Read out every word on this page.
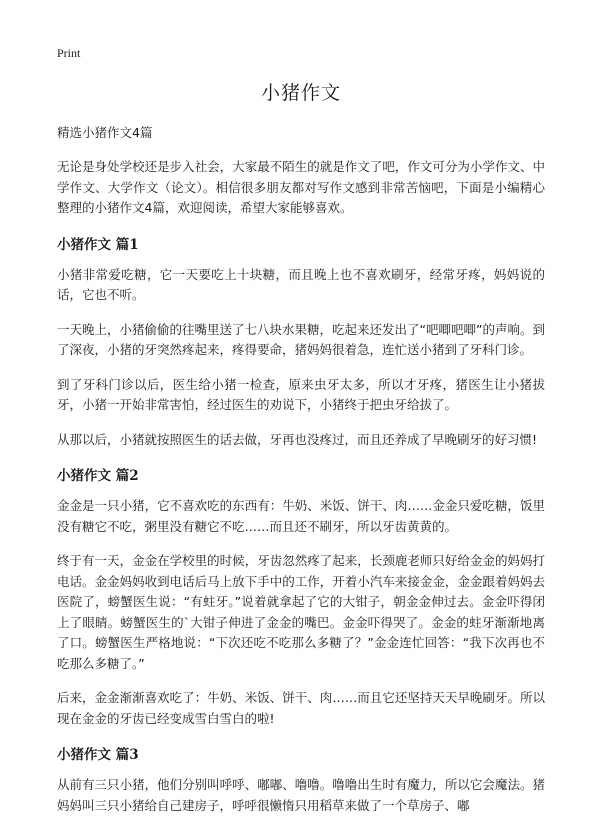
Print
小猪作文
精选小猪作文4篇

无论是身处学校还是步入社会，大家最不陌生的就是作文了吧，作文可分为小学作文、中学作文、大学作文（论文）。相信很多朋友都对写作文感到非常苦恼吧，下面是小编精心整理的小猪作文4篇，欢迎阅读，希望大家能够喜欢。

小猪作文 篇1

小猪非常爱吃糖，它一天要吃上十块糖，而且晚上也不喜欢刷牙，经常牙疼，妈妈说的话，它也不听。

一天晚上，小猪偷偷的往嘴里送了七八块水果糖，吃起来还发出了“吧唧吧唧”的声响。到了深夜，小猪的牙突然疼起来，疼得要命，猪妈妈很着急，连忙送小猪到了牙科门诊。

到了牙科门诊以后，医生给小猪一检查，原来虫牙太多，所以才牙疼，猪医生让小猪拔牙，小猪一开始非常害怕，经过医生的劝说下，小猪终于把虫牙给拔了。

从那以后，小猪就按照医生的话去做，牙再也没疼过，而且还养成了早晚刷牙的好习惯!

小猪作文 篇2

金金是一只小猪，它不喜欢吃的东西有：牛奶、米饭、饼干、肉……金金只爱吃糖，饭里没有糖它不吃，粥里没有糖它不吃……而且还不刷牙，所以牙齿黄黄的。

终于有一天，金金在学校里的时候，牙齿忽然疼了起来，长颈鹿老师只好给金金的妈妈打电话。金金妈妈收到电话后马上放下手中的工作，开着小汽车来接金金，金金跟着妈妈去医院了，螃蟹医生说：“有蛀牙。”说着就拿起了它的大钳子，朝金金伸过去。金金吓得闭上了眼睛。螃蟹医生的`大钳子伸进了金金的嘴巴。金金吓得哭了。金金的蛀牙渐渐地离了口。螃蟹医生严格地说：“下次还吃不吃那么多糖了？”金金连忙回答：“我下次再也不吃那么多糖了。”

后来，金金渐渐喜欢吃了：牛奶、米饭、饼干、肉……而且它还坚持天天早晚刷牙。所以现在金金的牙齿已经变成雪白雪白的啦!

小猪作文 篇3

从前有三只小猪，他们分别叫呼呼、嘟嘟、噜噜。噜噜出生时有魔力，所以它会魔法。猪妈妈叫三只小猪给自己建房子，呼呼很懒惰只用稻草来做了一个草房子、嘟
